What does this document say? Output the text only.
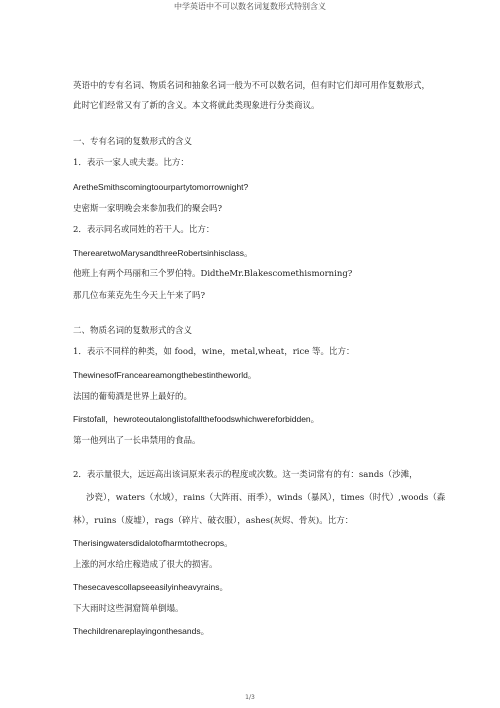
中学英语中不可以数名词复数形式特别含义
英语中的专有名词、物质名词和抽象名词一般为不可以数名词，但有时它们却可用作复数形式，
此时它们经常又有了新的含义。本文将就此类现象进行分类商议。
一、专有名词的复数形式的含义
1．表示一家人或夫妻。比方：
AretheSmithscomingtoourpartytomorrownight?
史密斯一家明晚会来参加我们的聚会吗?
2．表示同名或同姓的若干人。比方：
TherearetwoMarysandthreeRobertsinhisclass。
他班上有两个玛丽和三个罗伯特。DidtheMr.Blakescomethismorning?
那几位布莱克先生今天上午来了吗?
二、物质名词的复数形式的含义
1．表示不同样的种类，如 food，wine，metal,wheat，rice 等。比方：
ThewinesofFranceareamongthebestintheworld。
法国的葡萄酒是世界上最好的。
Firstofall，hewroteoutalonglistofallthefoodswhichwereforbidden。
第一他列出了一长串禁用的食品。
2．表示量很大，远远高出该词原来表示的程度或次数。这一类词常有的有：sands（沙滩，
沙瓷），waters（水域），rains（大阵雨、雨季），winds（暴风），times（时代）,woods（森
林），ruins（废墟），rags（碎片、破衣服），ashes(灰烬、骨灰)。比方：
Therisingwatersdidalotofharmtothecrops。
上涨的河水给庄稼造成了很大的损害。
Thesecavescollapseeasilyinheavyrains。
下大雨时这些洞窟简单倒塌。
Thechildrenareplayingonthesands。
1/3
